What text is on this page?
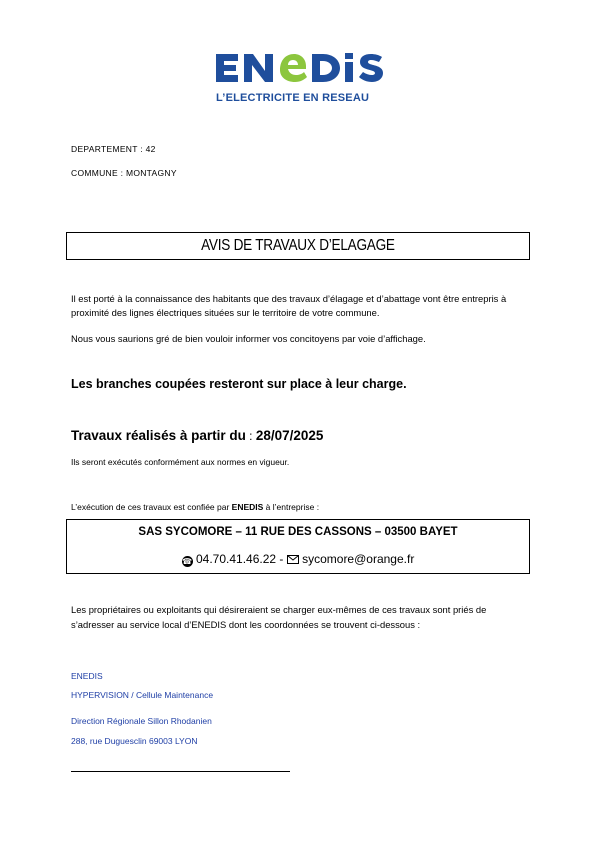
L’ELECTRICITE EN RESEAU
DEPARTEMENT : 42
COMMUNE : MONTAGNY
AVIS DE TRAVAUX D’ELAGAGE
Il est porté à la connaissance des habitants que des travaux d’élagage et d’abattage vont être entrepris à proximité des lignes électriques situées sur le territoire de votre commune.
Nous vous saurions gré de bien vouloir informer vos concitoyens par voie d’affichage.
Les branches coupées resteront sur place à leur charge.
Travaux réalisés à partir du : 28/07/2025
Ils seront exécutés conformément aux normes en vigueur.
L’exécution de ces travaux est confiée par ENEDIS à l’entreprise :
SAS SYCOMORE – 11 RUE DES CASSONS – 03500 BAYET
☎ 04.70.41.46.22 -  sycomore@orange.fr
Les propriétaires ou exploitants qui désireraient se charger eux-mêmes de ces travaux sont priés de s’adresser au service local d’ENEDIS dont les coordonnées se trouvent ci-dessous :
ENEDIS
HYPERVISION / Cellule Maintenance
Direction Régionale Sillon Rhodanien
288, rue Duguesclin 69003 LYON
